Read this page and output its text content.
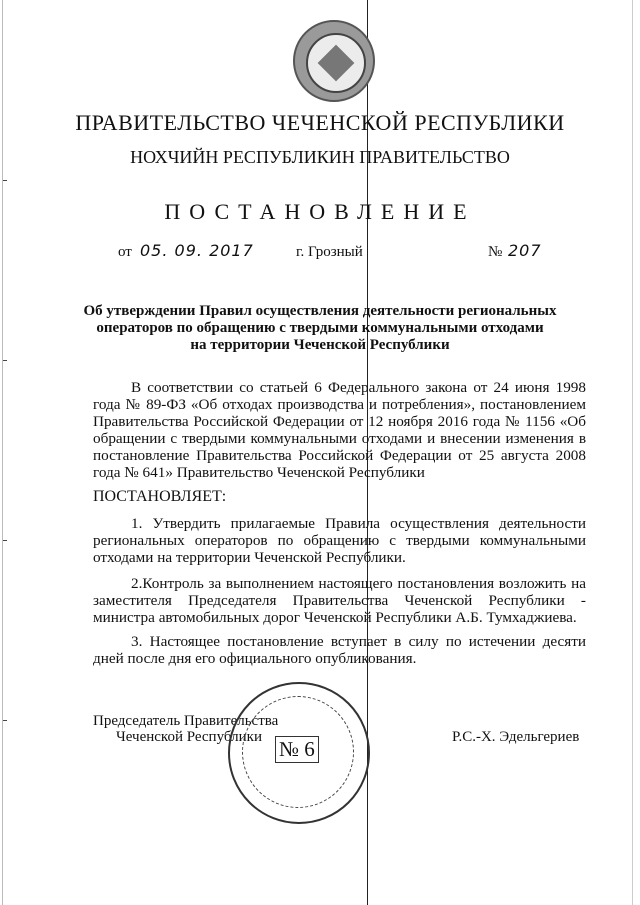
ПРАВИТЕЛЬСТВО ЧЕЧЕНСКОЙ РЕСПУБЛИКИ
НОХЧИЙН РЕСПУБЛИКИН ПРАВИТЕЛЬСТВО
ПОСТАНОВЛЕНИЕ
от 05. 09. 2017	г. Грозный	№ 207
Об утверждении Правил осуществления деятельности региональных
операторов по обращению с твердыми коммунальными отходами
на территории Чеченской Республики
В соответствии со статьей 6 Федерального закона от 24 июня 1998 года № 89-ФЗ «Об отходах производства и потребления», постановлением Правительства Российской Федерации от 12 ноября 2016 года № 1156 «Об обращении с твердыми коммунальными отходами и внесении изменения в постановление Правительства Российской Федерации от 25 августа 2008 года № 641» Правительство Чеченской Республики
ПОСТАНОВЛЯЕТ:
1. Утвердить прилагаемые Правила осуществления деятельности региональных операторов по обращению с твердыми коммунальными отходами на территории Чеченской Республики.
2.Контроль за выполнением настоящего постановления возложить на заместителя Председателя Правительства Чеченской Республики - министра автомобильных дорог Чеченской Республики А.Б. Тумхаджиева.
3. Настоящее постановление вступает в силу по истечении десяти дней после дня его официального опубликования.
Председатель Правительства
Чеченской Республики	Р.С.-Х. Эдельгериев
№ 6
